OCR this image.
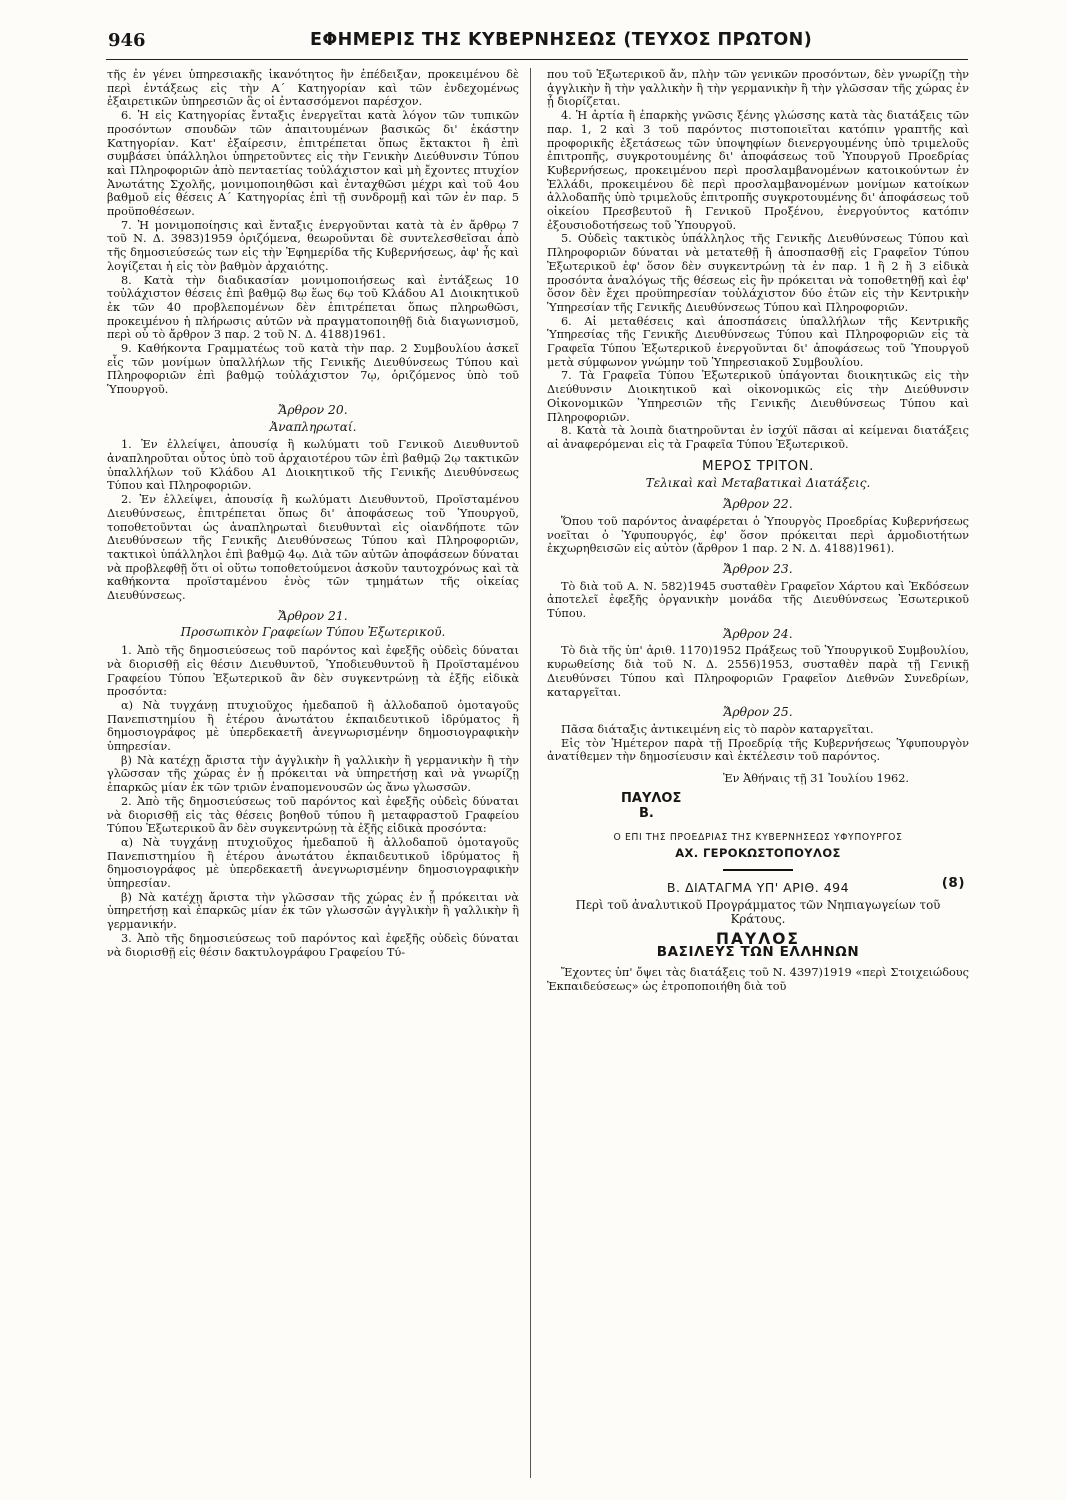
946	ΕΦΗΜΕΡΙΣ ΤΗΣ ΚΥΒΕΡΝΗΣΕΩΣ (ΤΕΥΧΟΣ ΠΡΩΤΟΝ)

τῆς ἐν γένει ὑπηρεσιακῆς ἱκανότητος ἣν ἐπέδειξαν, προκειμένου δὲ περὶ ἐντάξεως εἰς τὴν Α΄ Κατηγορίαν καὶ τῶν ἐνδεχομένως ἐξαιρετικῶν ὑπηρεσιῶν ἃς οἱ ἐντασσόμενοι παρέσχον.

6. Ἡ εἰς Κατηγορίας ἔνταξις ἐνεργεῖται κατὰ λόγον τῶν τυπικῶν προσόντων σπουδῶν τῶν ἀπαιτουμένων βασικῶς δι' ἑκάστην Κατηγορίαν. Κατ' ἐξαίρεσιν, ἐπιτρέπεται ὅπως ἔκτακτοι ἢ ἐπὶ συμβάσει ὑπάλληλοι ὑπηρετοῦντες εἰς τὴν Γενικὴν Διεύθυνσιν Τύπου καὶ Πληροφοριῶν ἀπὸ πενταετίας τοὐλάχιστον καὶ μὴ ἔχοντες πτυχίον Ἀνωτάτης Σχολῆς, μονιμοποιηθῶσι καὶ ἐνταχθῶσι μέχρι καὶ τοῦ 4ου βαθμοῦ εἰς θέσεις Α΄ Κατηγορίας ἐπὶ τῇ συνδρομῇ καὶ τῶν ἐν παρ. 5 προϋποθέσεων.

7. Ἡ μονιμοποίησις καὶ ἔνταξις ἐνεργοῦνται κατὰ τὰ ἐν ἄρθρῳ 7 τοῦ Ν. Δ. 3983)1959 ὁριζόμενα, θεωροῦνται δὲ συντελεσθεῖσαι ἀπὸ τῆς δημοσιεύσεώς των εἰς τὴν Ἐφημερίδα τῆς Κυβερνήσεως, ἀφ' ἧς καὶ λογίζεται ἡ εἰς τὸν βαθμὸν ἀρχαιότης.

8. Κατὰ τὴν διαδικασίαν μονιμοποιήσεως καὶ ἐντάξεως 10 τοὐλάχιστον θέσεις ἐπὶ βαθμῷ 8ῳ ἕως 6ῳ τοῦ Κλάδου Α1 Διοικητικοῦ ἐκ τῶν 40 προβλεπομένων δὲν ἐπιτρέπεται ὅπως πληρωθῶσι, προκειμένου ἡ πλήρωσις αὐτῶν νὰ πραγματοποιηθῇ διὰ διαγωνισμοῦ, περὶ οὗ τὸ ἄρθρον 3 παρ. 2 τοῦ Ν. Δ. 4188)1961.

9. Καθήκοντα Γραμματέως τοῦ κατὰ τὴν παρ. 2 Συμβουλίου ἀσκεῖ εἷς τῶν μονίμων ὑπαλλήλων τῆς Γενικῆς Διευθύνσεως Τύπου καὶ Πληροφοριῶν ἐπὶ βαθμῷ τοὐλάχιστον 7ῳ, ὁριζόμενος ὑπὸ τοῦ Ὑπουργοῦ.

Ἄρθρον 20.
Ἀναπληρωταί.

1. Ἐν ἐλλείψει, ἀπουσίᾳ ἢ κωλύματι τοῦ Γενικοῦ Διευθυντοῦ ἀναπληροῦται οὗτος ὑπὸ τοῦ ἀρχαιοτέρου τῶν ἐπὶ βαθμῷ 2ῳ τακτικῶν ὑπαλλήλων τοῦ Κλάδου Α1 Διοικητικοῦ τῆς Γενικῆς Διευθύνσεως Τύπου καὶ Πληροφοριῶν.

2. Ἐν ἐλλείψει, ἀπουσίᾳ ἢ κωλύματι Διευθυντοῦ, Προϊσταμένου Διευθύνσεως, ἐπιτρέπεται ὅπως δι' ἀποφάσεως τοῦ Ὑπουργοῦ, τοποθετοῦνται ὡς ἀναπληρωταὶ διευθυνταὶ εἰς οἱανδήποτε τῶν Διευθύνσεων τῆς Γενικῆς Διευθύνσεως Τύπου καὶ Πληροφοριῶν, τακτικοὶ ὑπάλληλοι ἐπὶ βαθμῷ 4ῳ. Διὰ τῶν αὐτῶν ἀποφάσεων δύναται νὰ προβλεφθῇ ὅτι οἱ οὕτω τοποθετούμενοι ἀσκοῦν ταυτοχρόνως καὶ τὰ καθήκοντα προϊσταμένου ἑνὸς τῶν τμημάτων τῆς οἰκείας Διευθύνσεως.

Ἄρθρον 21.
Προσωπικὸν Γραφείων Τύπου Ἐξωτερικοῦ.

1. Ἀπὸ τῆς δημοσιεύσεως τοῦ παρόντος καὶ ἐφεξῆς οὐδεὶς δύναται νὰ διορισθῇ εἰς θέσιν Διευθυντοῦ, Ὑποδιευθυντοῦ ἢ Προϊσταμένου Γραφείου Τύπου Ἐξωτερικοῦ ἂν δὲν συγκεντρώνῃ τὰ ἑξῆς εἰδικὰ προσόντα:

α) Νὰ τυγχάνῃ πτυχιοῦχος ἡμεδαποῦ ἢ ἀλλοδαποῦ ὁμοταγοῦς Πανεπιστημίου ἢ ἑτέρου ἀνωτάτου ἐκπαιδευτικοῦ ἱδρύματος ἢ δημοσιογράφος μὲ ὑπερδεκαετῆ ἀνεγνωρισμένην δημοσιογραφικὴν ὑπηρεσίαν.

β) Νὰ κατέχῃ ἄριστα τὴν ἀγγλικὴν ἢ γαλλικὴν ἢ γερμανικὴν ἢ τὴν γλῶσσαν τῆς χώρας ἐν ᾗ πρόκειται νὰ ὑπηρετήσῃ καὶ νὰ γνωρίζῃ ἐπαρκῶς μίαν ἐκ τῶν τριῶν ἐναπομενουσῶν ὡς ἄνω γλωσσῶν.

2. Ἀπὸ τῆς δημοσιεύσεως τοῦ παρόντος καὶ ἐφεξῆς οὐδεὶς δύναται νὰ διορισθῇ εἰς τὰς θέσεις βοηθοῦ τύπου ἢ μεταφραστοῦ Γραφείου Τύπου Ἐξωτερικοῦ ἂν δὲν συγκεντρώνῃ τὰ ἑξῆς εἰδικὰ προσόντα:

α) Νὰ τυγχάνῃ πτυχιοῦχος ἡμεδαποῦ ἢ ἀλλοδαποῦ ὁμοταγοῦς Πανεπιστημίου ἢ ἑτέρου ἀνωτάτου ἐκπαιδευτικοῦ ἱδρύματος ἢ δημοσιογράφος μὲ ὑπερδεκαετῆ ἀνεγνωρισμένην δημοσιογραφικὴν ὑπηρεσίαν.

β) Νὰ κατέχῃ ἄριστα τὴν γλῶσσαν τῆς χώρας ἐν ᾗ πρόκειται νὰ ὑπηρετήσῃ καὶ ἐπαρκῶς μίαν ἐκ τῶν γλωσσῶν ἀγγλικὴν ἢ γαλλικὴν ἢ γερμανικήν.

3. Ἀπὸ τῆς δημοσιεύσεως τοῦ παρόντος καὶ ἐφεξῆς οὐδεὶς δύναται νὰ διορισθῇ εἰς θέσιν δακτυλογράφου Γραφείου Τύ-

που τοῦ Ἐξωτερικοῦ ἄν, πλὴν τῶν γενικῶν προσόντων, δὲν γνωρίζῃ τὴν ἀγγλικὴν ἢ τὴν γαλλικὴν ἢ τὴν γερμανικὴν ἢ τὴν γλῶσσαν τῆς χώρας ἐν ᾗ διορίζεται.

4. Ἡ ἀρτία ἢ ἐπαρκὴς γνῶσις ξένης γλώσσης κατὰ τὰς διατάξεις τῶν παρ. 1, 2 καὶ 3 τοῦ παρόντος πιστοποιεῖται κατόπιν γραπτῆς καὶ προφορικῆς ἐξετάσεως τῶν ὑποψηφίων διενεργουμένης ὑπὸ τριμελοῦς ἐπιτροπῆς, συγκροτουμένης δι' ἀποφάσεως τοῦ Ὑπουργοῦ Προεδρίας Κυβερνήσεως, προκειμένου περὶ προσλαμβανομένων κατοικούντων ἐν Ἑλλάδι, προκειμένου δὲ περὶ προσλαμβανομένων μονίμων κατοίκων ἀλλοδαπῆς ὑπὸ τριμελοῦς ἐπιτροπῆς συγκροτουμένης δι' ἀποφάσεως τοῦ οἰκείου Πρεσβευτοῦ ἢ Γενικοῦ Προξένου, ἐνεργούντος κατόπιν ἐξουσιοδοτήσεως τοῦ Ὑπουργοῦ.

5. Οὐδεὶς τακτικὸς ὑπάλληλος τῆς Γενικῆς Διευθύνσεως Τύπου καὶ Πληροφοριῶν δύναται νὰ μετατεθῇ ἢ ἀποσπασθῇ εἰς Γραφεῖον Τύπου Ἐξωτερικοῦ ἐφ' ὅσον δὲν συγκεντρώνῃ τὰ ἐν παρ. 1 ἢ 2 ἢ 3 εἰδικὰ προσόντα ἀναλόγως τῆς θέσεως εἰς ἣν πρόκειται νὰ τοποθετηθῇ καὶ ἐφ' ὅσον δὲν ἔχει προϋπηρεσίαν τοὐλάχιστον δύο ἐτῶν εἰς τὴν Κεντρικὴν Ὑπηρεσίαν τῆς Γενικῆς Διευθύνσεως Τύπου καὶ Πληροφοριῶν.

6. Αἱ μεταθέσεις καὶ ἀποσπάσεις ὑπαλλήλων τῆς Κεντρικῆς Ὑπηρεσίας τῆς Γενικῆς Διευθύνσεως Τύπου καὶ Πληροφοριῶν εἰς τὰ Γραφεῖα Τύπου Ἐξωτερικοῦ ἐνεργοῦνται δι' ἀποφάσεως τοῦ Ὑπουργοῦ μετὰ σύμφωνον γνώμην τοῦ Ὑπηρεσιακοῦ Συμβουλίου.

7. Τὰ Γραφεῖα Τύπου Ἐξωτερικοῦ ὑπάγονται διοικητικῶς εἰς τὴν Διεύθυνσιν Διοικητικοῦ καὶ οἰκονομικῶς εἰς τὴν Διεύθυνσιν Οἰκονομικῶν Ὑπηρεσιῶν τῆς Γενικῆς Διευθύνσεως Τύπου καὶ Πληροφοριῶν.

8. Κατὰ τὰ λοιπὰ διατηροῦνται ἐν ἰσχύϊ πᾶσαι αἱ κείμεναι διατάξεις αἱ ἀναφερόμεναι εἰς τὰ Γραφεῖα Τύπου Ἐξωτερικοῦ.

ΜΕΡΟΣ ΤΡΙΤΟΝ.
Τελικαὶ καὶ Μεταβατικαὶ Διατάξεις.
Ἄρθρον 22.

Ὅπου τοῦ παρόντος ἀναφέρεται ὁ Ὑπουργὸς Προεδρίας Κυβερνήσεως νοεῖται ὁ Ὑφυπουργός, ἐφ' ὅσον πρόκειται περὶ ἁρμοδιοτήτων ἐκχωρηθεισῶν εἰς αὐτὸν (ἄρθρον 1 παρ. 2 Ν. Δ. 4188)1961).

Ἄρθρον 23.

Τὸ διὰ τοῦ Α. Ν. 582)1945 συσταθὲν Γραφεῖον Χάρτου καὶ Ἐκδόσεων ἀποτελεῖ ἐφεξῆς ὀργανικὴν μονάδα τῆς Διευθύνσεως Ἐσωτερικοῦ Τύπου.

Ἄρθρον 24.

Τὸ διὰ τῆς ὑπ' ἀριθ. 1170)1952 Πράξεως τοῦ Ὑπουργικοῦ Συμβουλίου, κυρωθείσης διὰ τοῦ Ν. Δ. 2556)1953, συσταθὲν παρὰ τῇ Γενικῇ Διευθύνσει Τύπου καὶ Πληροφοριῶν Γραφεῖον Διεθνῶν Συνεδρίων, καταργεῖται.

Ἄρθρον 25.

Πᾶσα διάταξις ἀντικειμένη εἰς τὸ παρὸν καταργεῖται.

Εἰς τὸν Ἡμέτερον παρὰ τῇ Προεδρίᾳ τῆς Κυβερνήσεως Ὑφυπουργὸν ἀνατίθεμεν τὴν δημοσίευσιν καὶ ἐκτέλεσιν τοῦ παρόντος.

Ἐν Ἀθήναις τῇ 31 Ἰουλίου 1962.
ΠΑΥΛΟΣ
Β.
Ο ΕΠΙ ΤΗΣ ΠΡΟΕΔΡΙΑΣ ΤΗΣ ΚΥΒΕΡΝΗΣΕΩΣ ΥΦΥΠΟΥΡΓΟΣ
ΑΧ. ΓΕΡΟΚΩΣΤΟΠΟΥΛΟΣ
Β. ΔΙΑΤΑΓΜΑ ΥΠ' ΑΡΙΘ. 494	(8)
Περὶ τοῦ ἀναλυτικοῦ Προγράμματος τῶν Νηπιαγωγείων τοῦ Κράτους.
ΠΑΥΛΟΣ
ΒΑΣΙΛΕΥΣ ΤΩΝ ΕΛΛΗΝΩΝ

Ἔχοντες ὑπ' ὄψει τὰς διατάξεις τοῦ Ν. 4397)1919 «περὶ Στοιχειώδους Ἐκπαιδεύσεως» ὡς ἐτροποποιήθη διὰ τοῦ
